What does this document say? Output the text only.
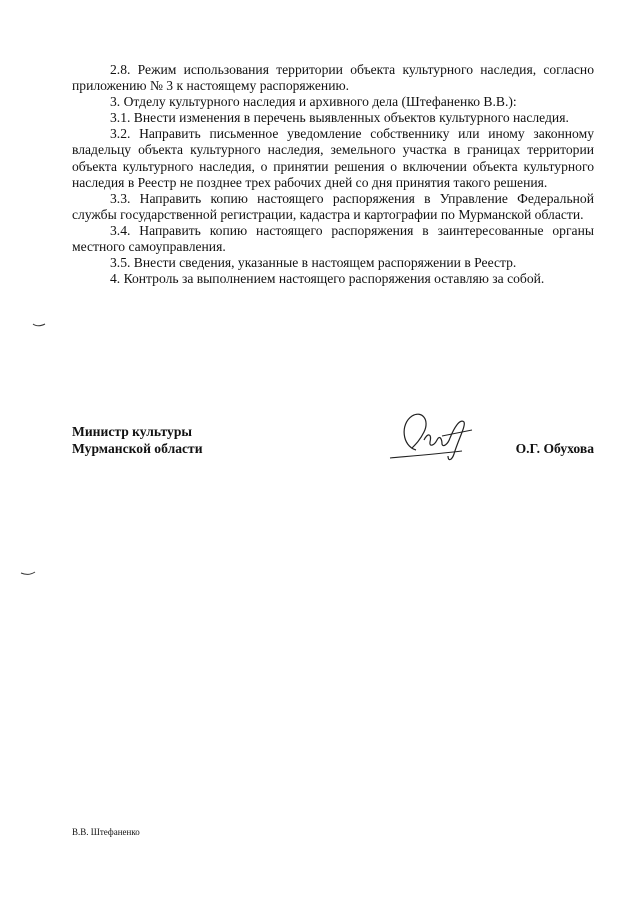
2.8. Режим использования территории объекта культурного наследия, согласно приложению № 3 к настоящему распоряжению.

3. Отделу культурного наследия и архивного дела (Штефаненко В.В.):

3.1. Внести изменения в перечень выявленных объектов культурного наследия.

3.2. Направить письменное уведомление собственнику или иному законному владельцу объекта культурного наследия, земельного участка в границах территории объекта культурного наследия, о принятии решения о включении объекта культурного наследия в Реестр не позднее трех рабочих дней со дня принятия такого решения.

3.3. Направить копию настоящего распоряжения в Управление Федеральной службы государственной регистрации, кадастра и картографии по Мурманской области.

3.4. Направить копию настоящего распоряжения в заинтересованные органы местного самоуправления.

3.5. Внести сведения, указанные в настоящем распоряжении в Реестр.

4. Контроль за выполнением настоящего распоряжения оставляю за собой.

Министр культуры
Мурманской области	О.Г. Обухова
В.В. Штефаненко
